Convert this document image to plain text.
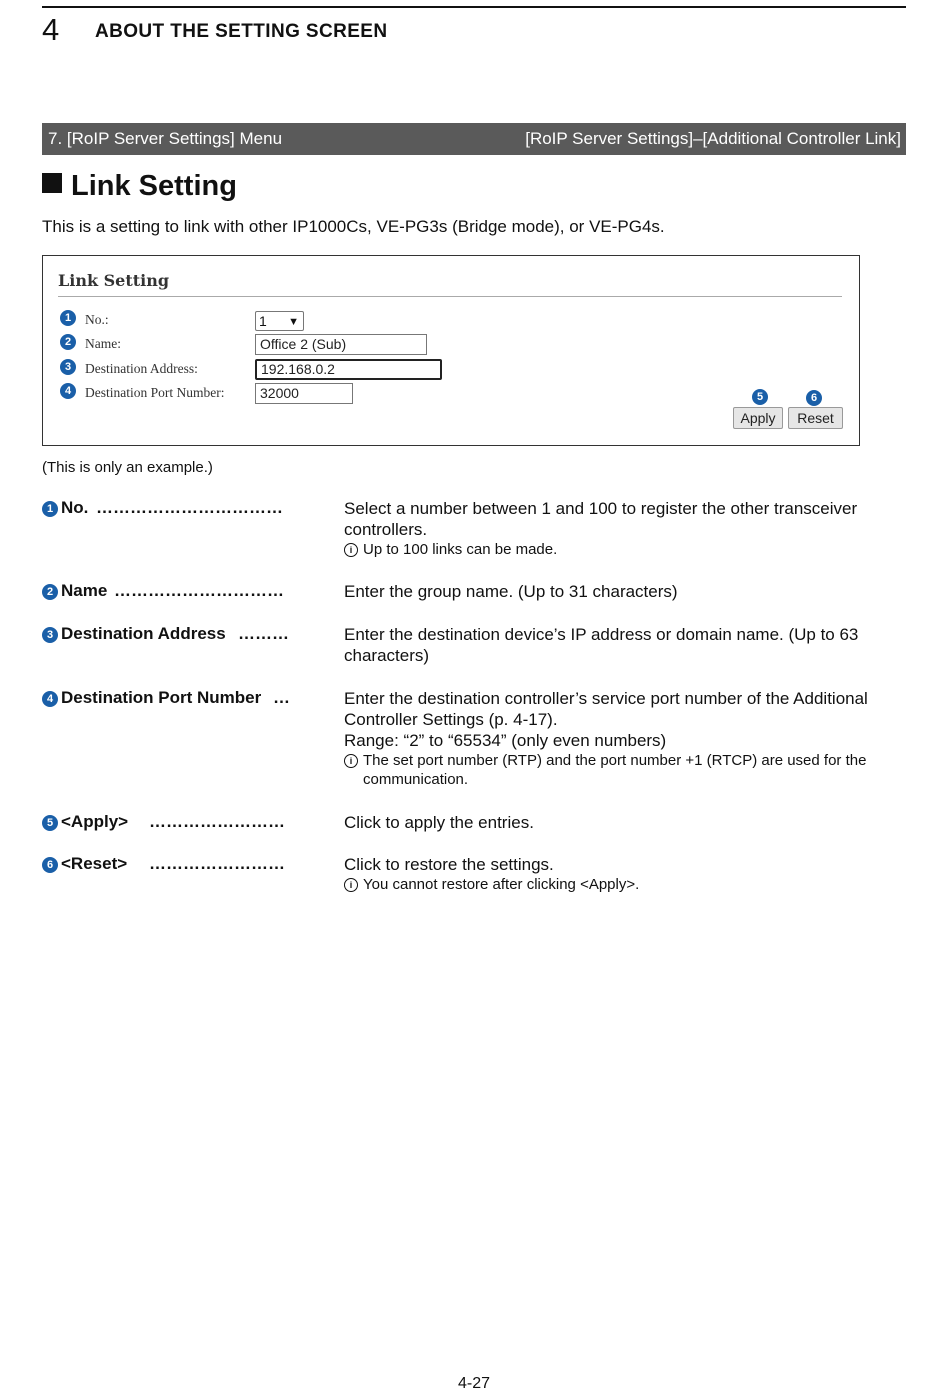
4 ABOUT THE SETTING SCREEN
7. [RoIP Server Settings] Menu	[RoIP Server Settings]–[Additional Controller Link]
Link Setting
This is a setting to link with other IP1000Cs, VE-PG3s (Bridge mode), or VE-PG4s.
Link Setting
1	No.:	1 ▼
2	Name:	Office 2 (Sub)
3	Destination Address:	192.168.0.2
4	Destination Port Number:	32000	5	6
Apply	Reset
(This is only an example.)
1 No. ……………………………	Select a number between 1 and 100 to register the other transceiver controllers.
i Up to 100 links can be made.
2 Name …………………………	Enter the group name. (Up to 31 characters)
3 Destination Address ………	Enter the destination device’s IP address or domain name. (Up to 63 characters)
4 Destination Port Number …	Enter the destination controller’s service port number of the Additional Controller Settings (p. 4-17).
Range: “2” to “65534” (only even numbers)
i The set port number (RTP) and the port number +1 (RTCP) are used for the communication.
5 <Apply> ……………………	Click to apply the entries.
6 <Reset> ……………………	Click to restore the settings.
i You cannot restore after clicking <Apply>.
4-27
